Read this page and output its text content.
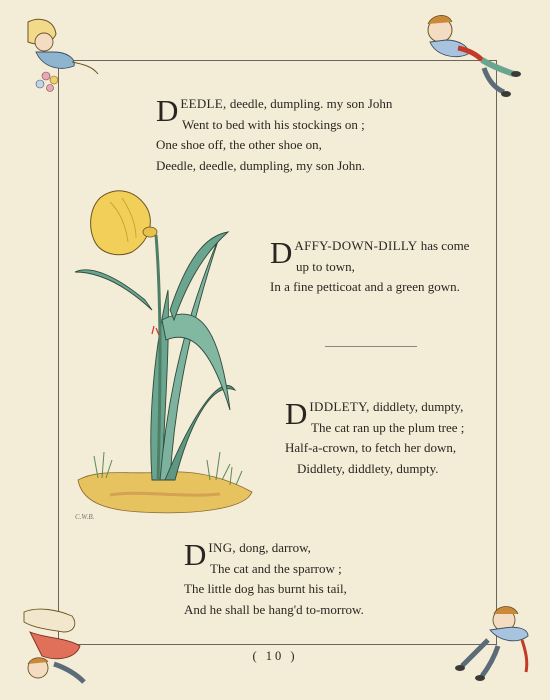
D EEDLE, deedle, dumpling. my son John
Went to bed with his stockings on ;
One shoe off, the other shoe on,
Deedle, deedle, dumpling, my son John.
D AFFY-DOWN-DILLY has come
up to town,
In a fine petticoat and a green gown.
D IDDLETY, diddlety, dumpty,
The cat ran up the plum tree ;
Half-a-crown, to fetch her down,
Diddlety, diddlety, dumpty.
D ING, dong, darrow,
The cat and the sparrow ;
The little dog has burnt his tail,
And he shall be hang'd to-morrow.
C.W.B.
( 10 )
